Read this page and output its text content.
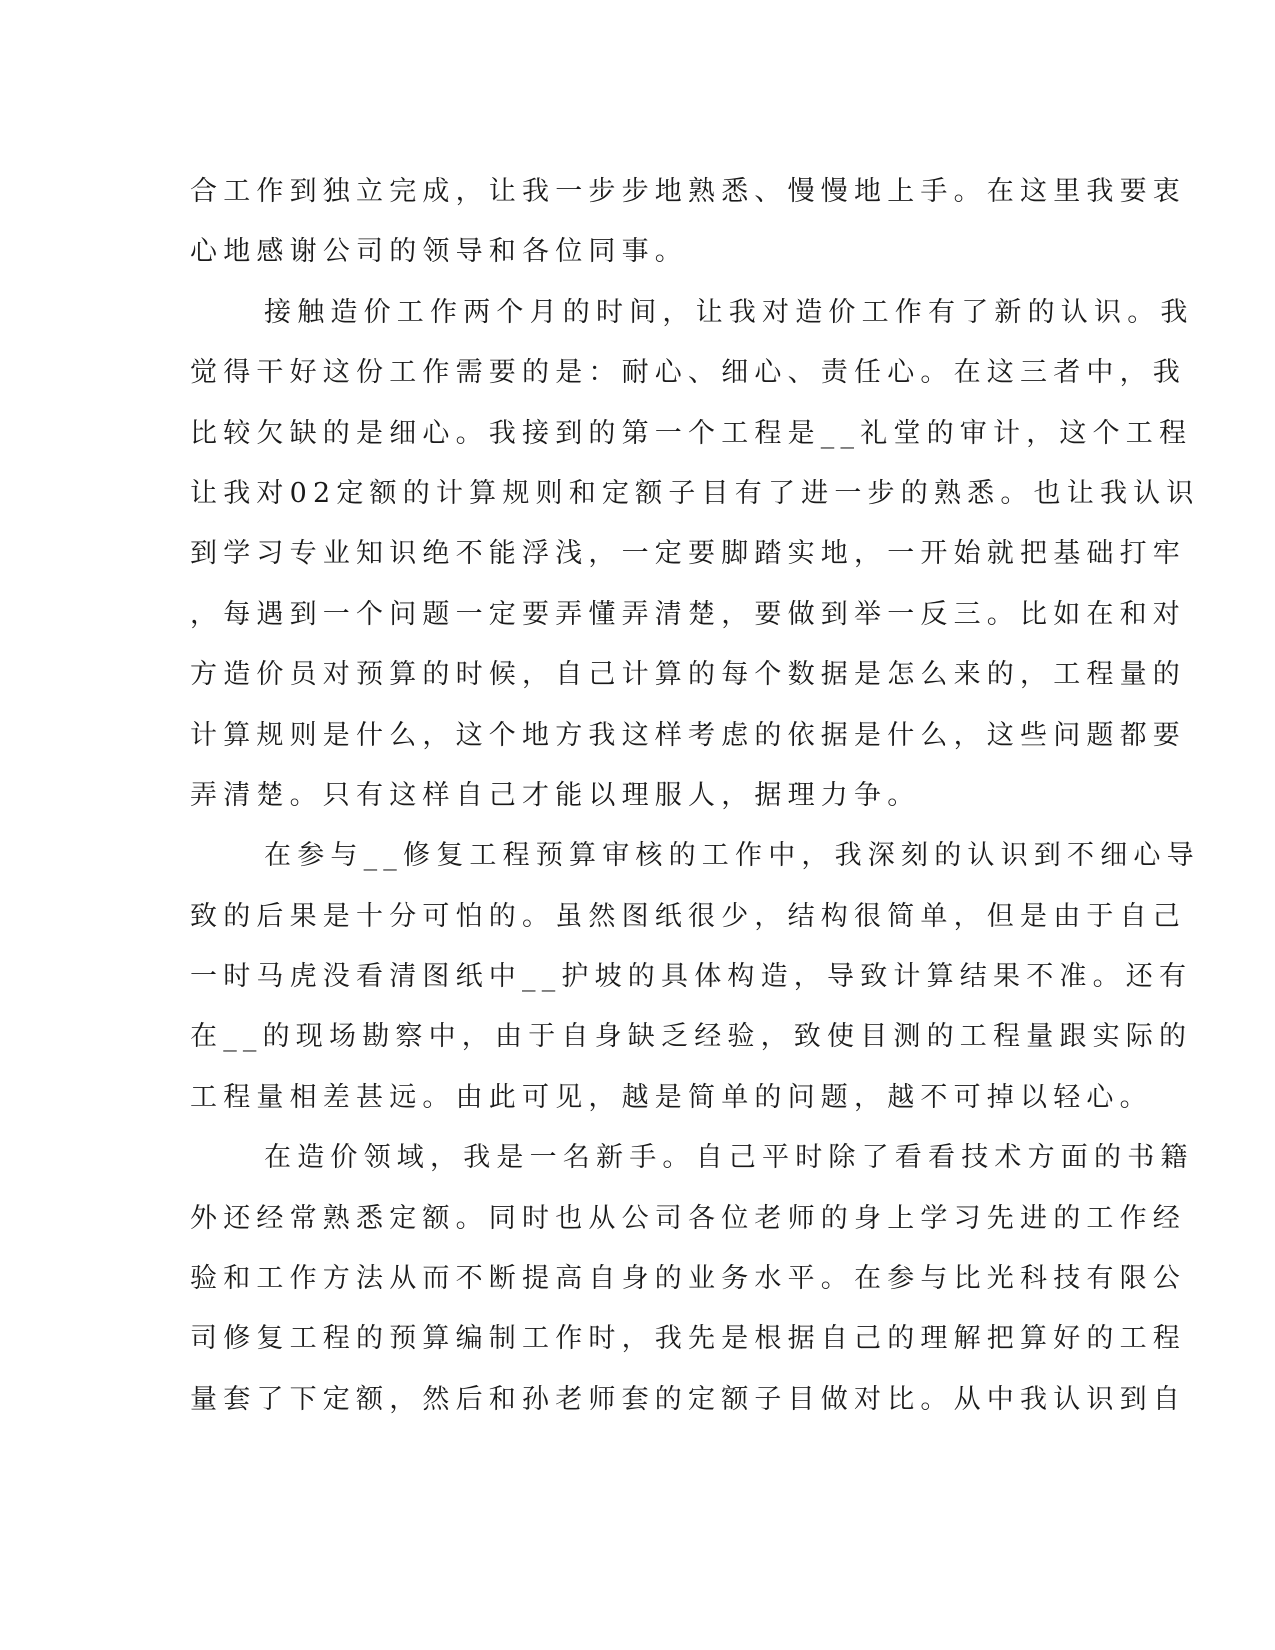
合工作到独立完成，让我一步步地熟悉、慢慢地上手。在这里我要衷
心地感谢公司的领导和各位同事。
接触造价工作两个月的时间，让我对造价工作有了新的认识。我
觉得干好这份工作需要的是：耐心、细心、责任心。在这三者中，我
比较欠缺的是细心。我接到的第一个工程是__礼堂的审计，这个工程
让我对02定额的计算规则和定额子目有了进一步的熟悉。也让我认识
到学习专业知识绝不能浮浅，一定要脚踏实地，一开始就把基础打牢
，每遇到一个问题一定要弄懂弄清楚，要做到举一反三。比如在和对
方造价员对预算的时候，自己计算的每个数据是怎么来的，工程量的
计算规则是什么，这个地方我这样考虑的依据是什么，这些问题都要
弄清楚。只有这样自己才能以理服人，据理力争。
在参与__修复工程预算审核的工作中，我深刻的认识到不细心导
致的后果是十分可怕的。虽然图纸很少，结构很简单，但是由于自己
一时马虎没看清图纸中__护坡的具体构造，导致计算结果不准。还有
在__的现场勘察中，由于自身缺乏经验，致使目测的工程量跟实际的
工程量相差甚远。由此可见，越是简单的问题，越不可掉以轻心。
在造价领域，我是一名新手。自己平时除了看看技术方面的书籍
外还经常熟悉定额。同时也从公司各位老师的身上学习先进的工作经
验和工作方法从而不断提高自身的业务水平。在参与比光科技有限公
司修复工程的预算编制工作时，我先是根据自己的理解把算好的工程
量套了下定额，然后和孙老师套的定额子目做对比。从中我认识到自
